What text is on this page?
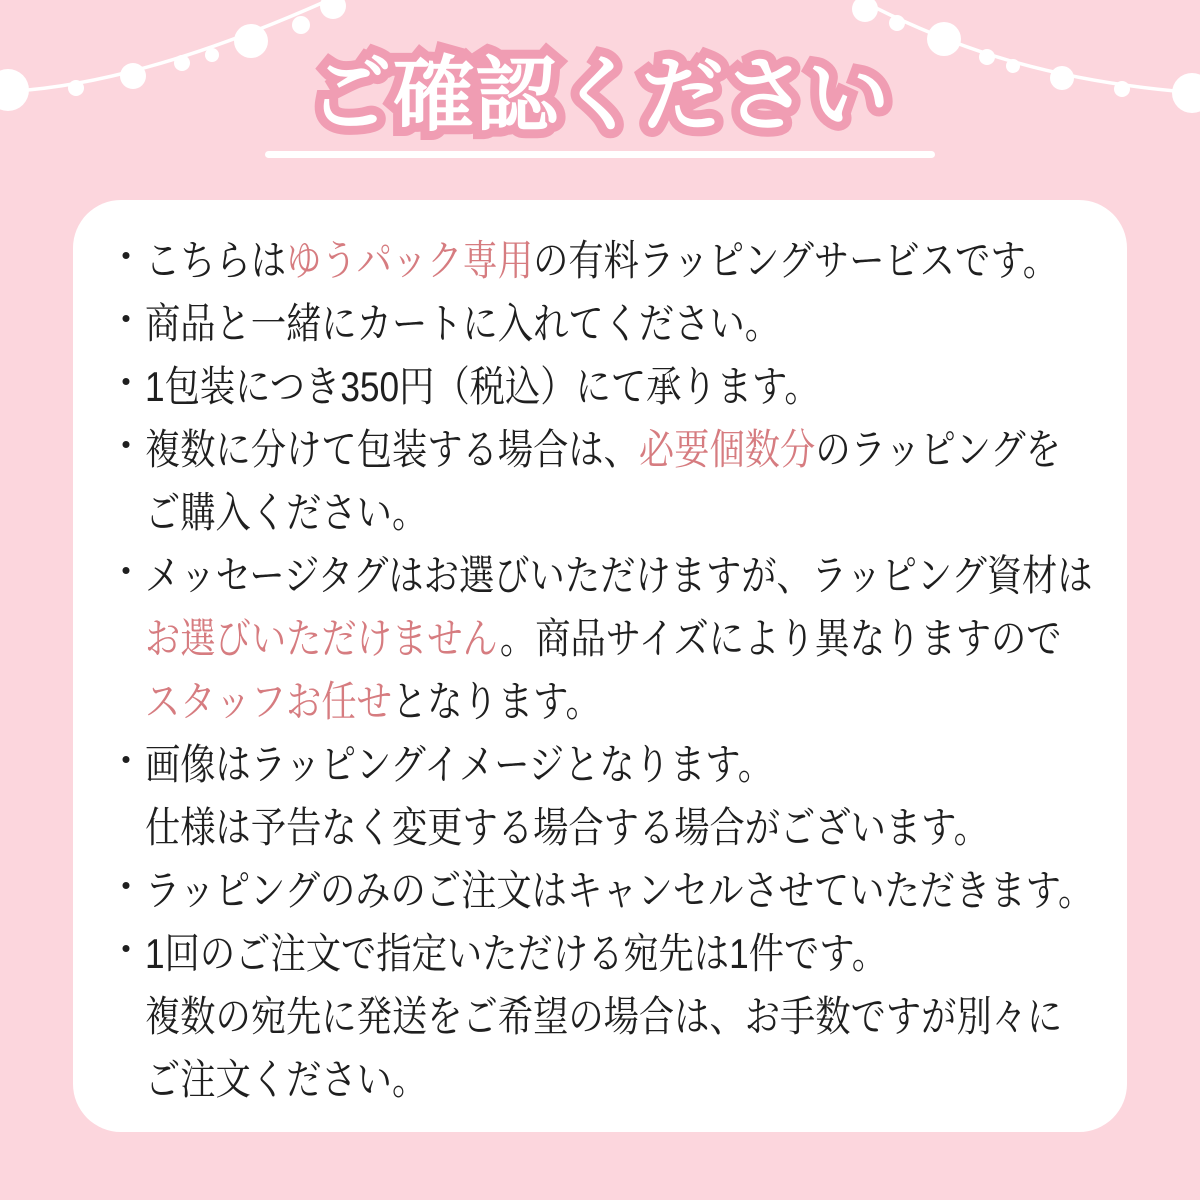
ご確認ください ご確認ください
・ こちらはゆうパック専用の有料ラッピングサービスです。
・ 商品と一緒にカートに入れてください。
・ 1包装につき350円（税込）にて承ります。
・ 複数に分けて包装する場合は、必要個数分のラッピングを
ご購入ください。
・ メッセージタグはお選びいただけますが、ラッピング資材は
お選びいただけません。商品サイズにより異なりますので
スタッフお任せとなります。
・ 画像はラッピングイメージとなります。
仕様は予告なく変更する場合する場合がございます。
・ ラッピングのみのご注文はキャンセルさせていただきます。
・ 1回のご注文で指定いただける宛先は1件です。
複数の宛先に発送をご希望の場合は、お手数ですが別々に
ご注文ください。
